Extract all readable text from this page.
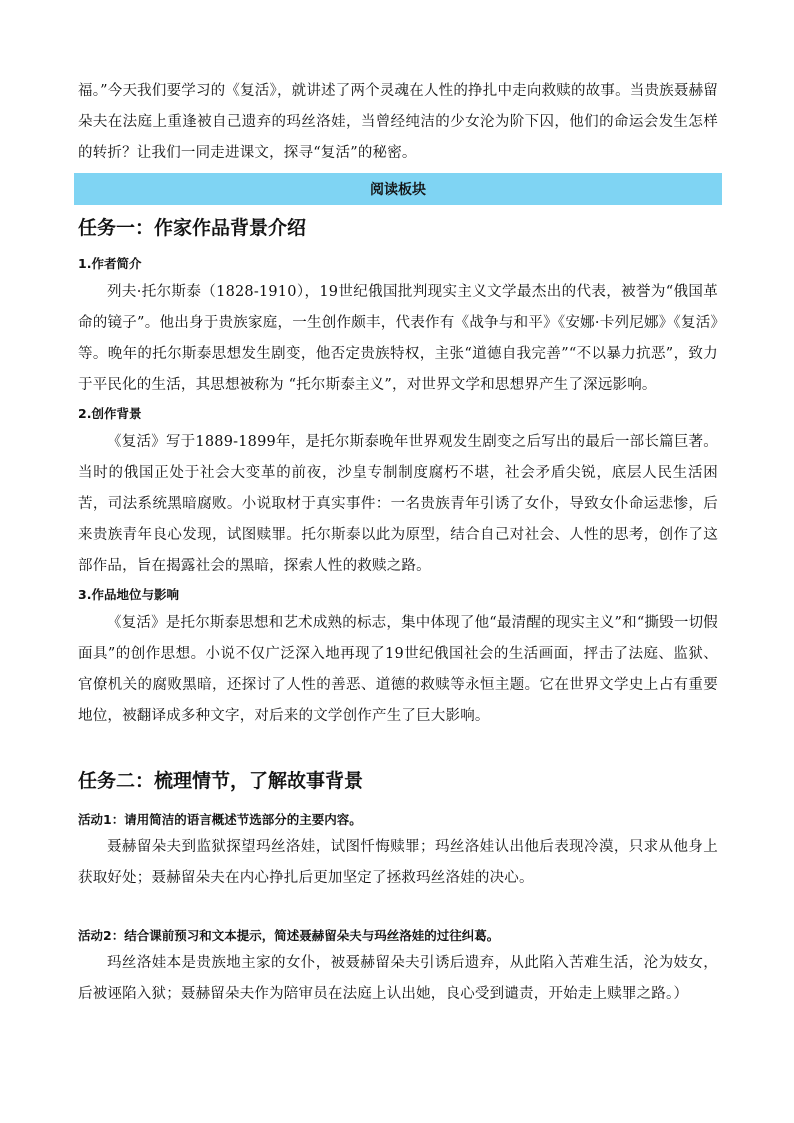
福。”今天我们要学习的《复活》，就讲述了两个灵魂在人性的挣扎中走向救赎的故事。当贵族聂赫留朵夫在法庭上重逢被自己遗弃的玛丝洛娃，当曾经纯洁的少女沦为阶下囚，他们的命运会发生怎样的转折？让我们一同走进课文，探寻“复活”的秘密。

阅读板块
任务一：作家作品背景介绍
1.作者简介

列夫·托尔斯泰（1828-1910），19世纪俄国批判现实主义文学最杰出的代表，被誉为“俄国革命的镜子”。他出身于贵族家庭，一生创作颇丰，代表作有《战争与和平》《安娜·卡列尼娜》《复活》等。晚年的托尔斯泰思想发生剧变，他否定贵族特权，主张“道德自我完善”“不以暴力抗恶”，致力于平民化的生活，其思想被称为 “托尔斯泰主义”，对世界文学和思想界产生了深远影响。

2.创作背景

《复活》写于1889-1899年，是托尔斯泰晚年世界观发生剧变之后写出的最后一部长篇巨著。当时的俄国正处于社会大变革的前夜，沙皇专制制度腐朽不堪，社会矛盾尖锐，底层人民生活困苦，司法系统黑暗腐败。小说取材于真实事件：一名贵族青年引诱了女仆，导致女仆命运悲惨，后来贵族青年良心发现，试图赎罪。托尔斯泰以此为原型，结合自己对社会、人性的思考，创作了这部作品，旨在揭露社会的黑暗，探索人性的救赎之路。

3.作品地位与影响

《复活》是托尔斯泰思想和艺术成熟的标志，集中体现了他“最清醒的现实主义”和“撕毁一切假面具”的创作思想。小说不仅广泛深入地再现了19世纪俄国社会的生活画面，抨击了法庭、监狱、官僚机关的腐败黑暗，还探讨了人性的善恶、道德的救赎等永恒主题。它在世界文学史上占有重要地位，被翻译成多种文字，对后来的文学创作产生了巨大影响。

任务二：梳理情节，了解故事背景
活动1：请用简洁的语言概述节选部分的主要内容。

聂赫留朵夫到监狱探望玛丝洛娃，试图忏悔赎罪；玛丝洛娃认出他后表现冷漠，只求从他身上获取好处；聂赫留朵夫在内心挣扎后更加坚定了拯救玛丝洛娃的决心。

活动2：结合课前预习和文本提示，简述聂赫留朵夫与玛丝洛娃的过往纠葛。

玛丝洛娃本是贵族地主家的女仆，被聂赫留朵夫引诱后遗弃，从此陷入苦难生活，沦为妓女，后被诬陷入狱；聂赫留朵夫作为陪审员在法庭上认出她，良心受到谴责，开始走上赎罪之路。）
